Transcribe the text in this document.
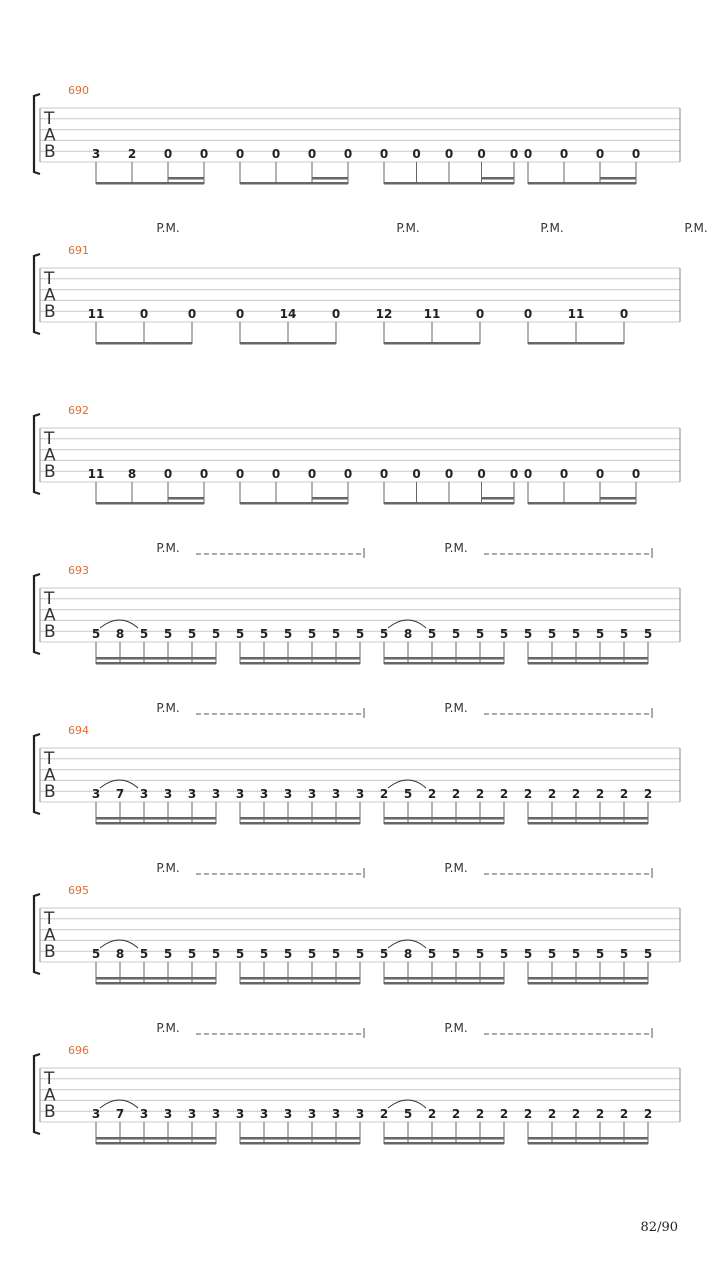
690
T
A
B	3 2 0 0 0 0 0 0 0 0 0 0 0 0 0 0 0
691
T
A
B	11	0	0	0	14	0	12	11	0	0	11	0
P.M.	P.M.	P.M.	P.M.
692
T
A
B	11 8 0 0 0 0 0 0 0 0 0 0 0 0 0 0 0
693
T
A
B	5 8 5 5 5 5 5 5 5 5 5 5 5 8 5 5 5 5 5 5 5 5 5 5
P.M.	P.M.
694
T
A
B	3 7 3 3 3 3 3 3 3 3 3 3 2 5 2 2 2 2 2 2 2 2 2 2
P.M.	P.M.
695
T
A
B	5 8 5 5 5 5 5 5 5 5 5 5 5 8 5 5 5 5 5 5 5 5 5 5
P.M.	P.M.
696
T
A
B	3 7 3 3 3 3 3 3 3 3 3 3 2 5 2 2 2 2 2 2 2 2 2 2
P.M.	P.M.
82/90
